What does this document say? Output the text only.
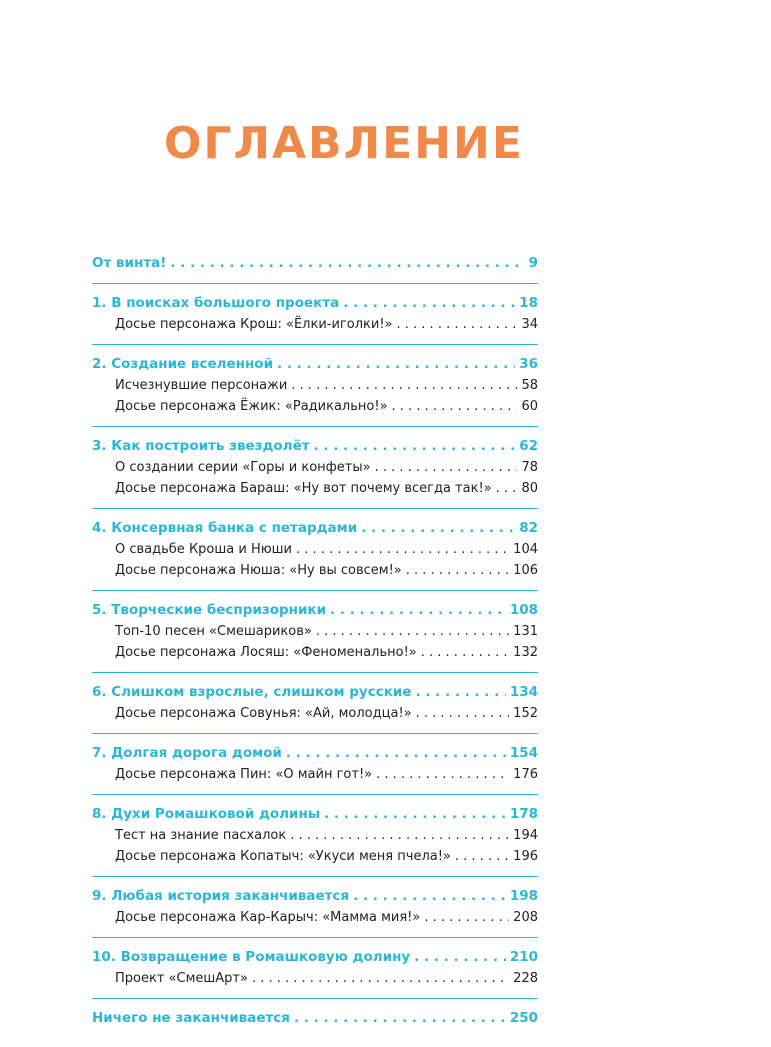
ОГЛАВЛЕНИЕ
От винта! . . .	9
1. В поисках большого проекта . . .	18
Досье персонажа Крош: «Ёлки-иголки!» . . .	34
2. Создание вселенной . . .	36
Исчезнувшие персонажи . . .	58
Досье персонажа Ёжик: «Радикально!» . . .	60
3. Как построить звездолёт . . .	62
О создании серии «Горы и конфеты» . . .	78
Досье персонажа Бараш: «Ну вот почему всегда так!» . . . 80
4. Консервная банка с петардами . . .	82
О свадьбе Кроша и Нюши . . .	104
Досье персонажа Нюша: «Ну вы совсем!» . . .	106
5. Творческие беспризорники . . .	108
Топ-10 песен «Смешариков» . . .	131
Досье персонажа Лосяш: «Феноменально!» . . .	132
6. Слишком взрослые, слишком русские . . .	134
Досье персонажа Совунья: «Ай, молодца!» . . .	152
7. Долгая дорога домой . . .	154
Досье персонажа Пин: «О майн гот!» . . .	176
8. Духи Ромашковой долины . . .	178
Тест на знание пасхалок . . .	194
Досье персонажа Копатыч: «Укуси меня пчела!» . . .	196
9. Любая история заканчивается . . .	198
Досье персонажа Кар-Карыч: «Мамма мия!» . . .	208
10. Возвращение в Ромашковую долину . . .	210
Проект «СмешАрт» . . .	228
Ничего не заканчивается . . .	250
